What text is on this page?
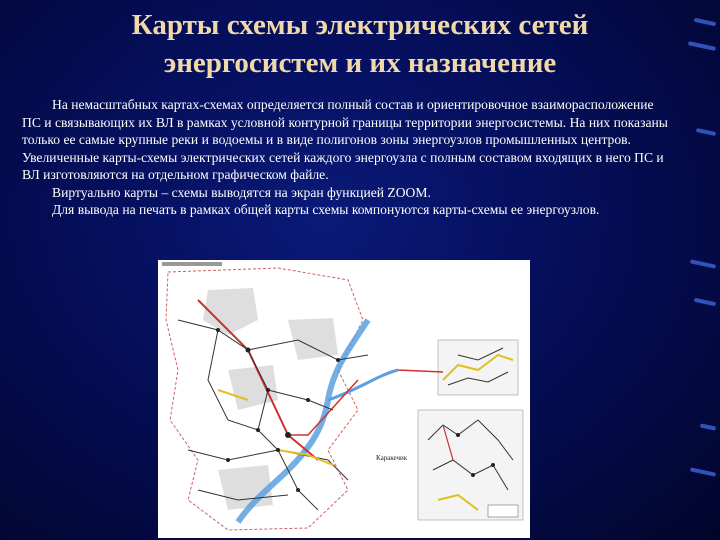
Карты схемы электрических сетей
энергосистем и их назначение

На немасштабных картах-схемах определяется полный состав и ориентировочное взаиморасположение ПС и связывающих их ВЛ в рамках условной контурной границы территории энергосистемы. На них показаны только ее самые крупные реки и водоемы и в виде полигонов зоны энергоузлов промышленных центров. Увеличенные карты-схемы электрических сетей каждого энергоузла с полным составом входящих в него ПС и ВЛ изготовляются на отдельном графическом файле.

Виртуально карты – схемы выводятся на экран функцией ZOOM.

Для вывода на печать в рамках общей карты схемы компонуются карты-схемы ее энергоузлов.

Каракечик
